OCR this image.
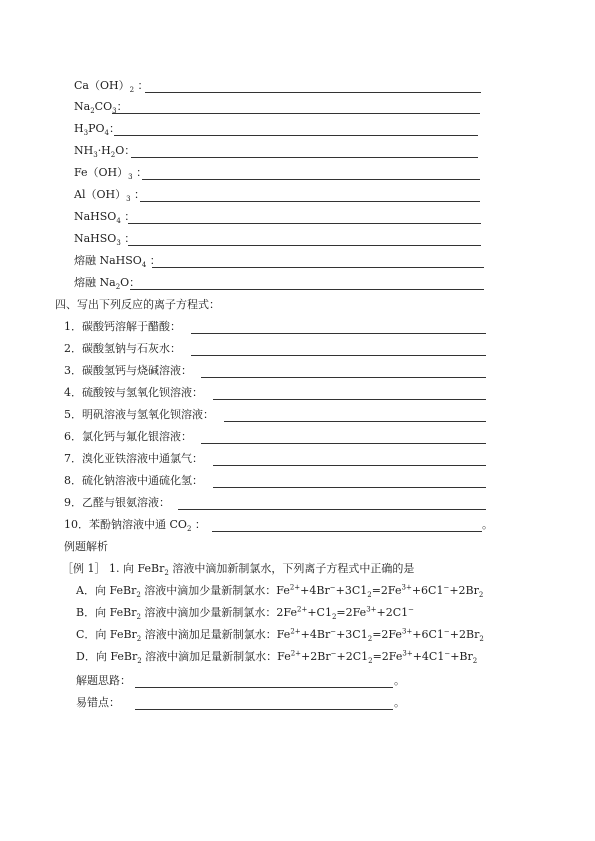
$Ca(OH)_2$ ：
$Na_2CO_3$：
$H_3PO_4$：
$NH_3\cdot H_2O$：
$Fe(OH)_3$ ：
$Al(OH)_3$ ：
NaHSO$_4$ ：
NaHSO$_3$ ：
熔融 NaHSO$_4$ ：
熔融 $Na_2O$：
四、写出下列反应的离子方程式：
1．碳酸钙溶解于醋酸：
2．碳酸氢钠与石灰水：
3．碳酸氢钙与烧碱溶液：
4．硫酸铵与氢氧化钡溶液：
5．明矾溶液与氢氧化钡溶液：
6．氯化钙与氟化银溶液：
7．溴化亚铁溶液中通氯气：
8．硫化钠溶液中通硫化氢：
9．乙醛与银氨溶液：
10．苯酚钠溶液中通 $CO_2$ ：	。
例题解析
［例 1］ 1. 向 FeBr$_2$ 溶液中滴加新制氯水，下列离子方程式中正确的是
A．向 FeBr$_2$ 溶液中滴加少量新制氯水：$Fe^{2+}+4Br^-+3C1_2=2Fe^{3+}+6C1^-+2Br_2$
B．向 FeBr$_2$ 溶液中滴加少量新制氯水：$2Fe^{2+}+C1_2=2Fe^{3+}+2C1^-$
C．向 FeBr$_2$ 溶液中滴加足量新制氯水：$Fe^{2+}+4Br^-+3C1_2=2Fe^{3+}+6C1^-+2Br_2$
D．向 FeBr$_2$ 溶液中滴加足量新制氯水：$Fe^{2+}+2Br^-+2C1_2=2Fe^{3+}+4C1^-+Br_2$
解题思路：	。
易错点：	。
